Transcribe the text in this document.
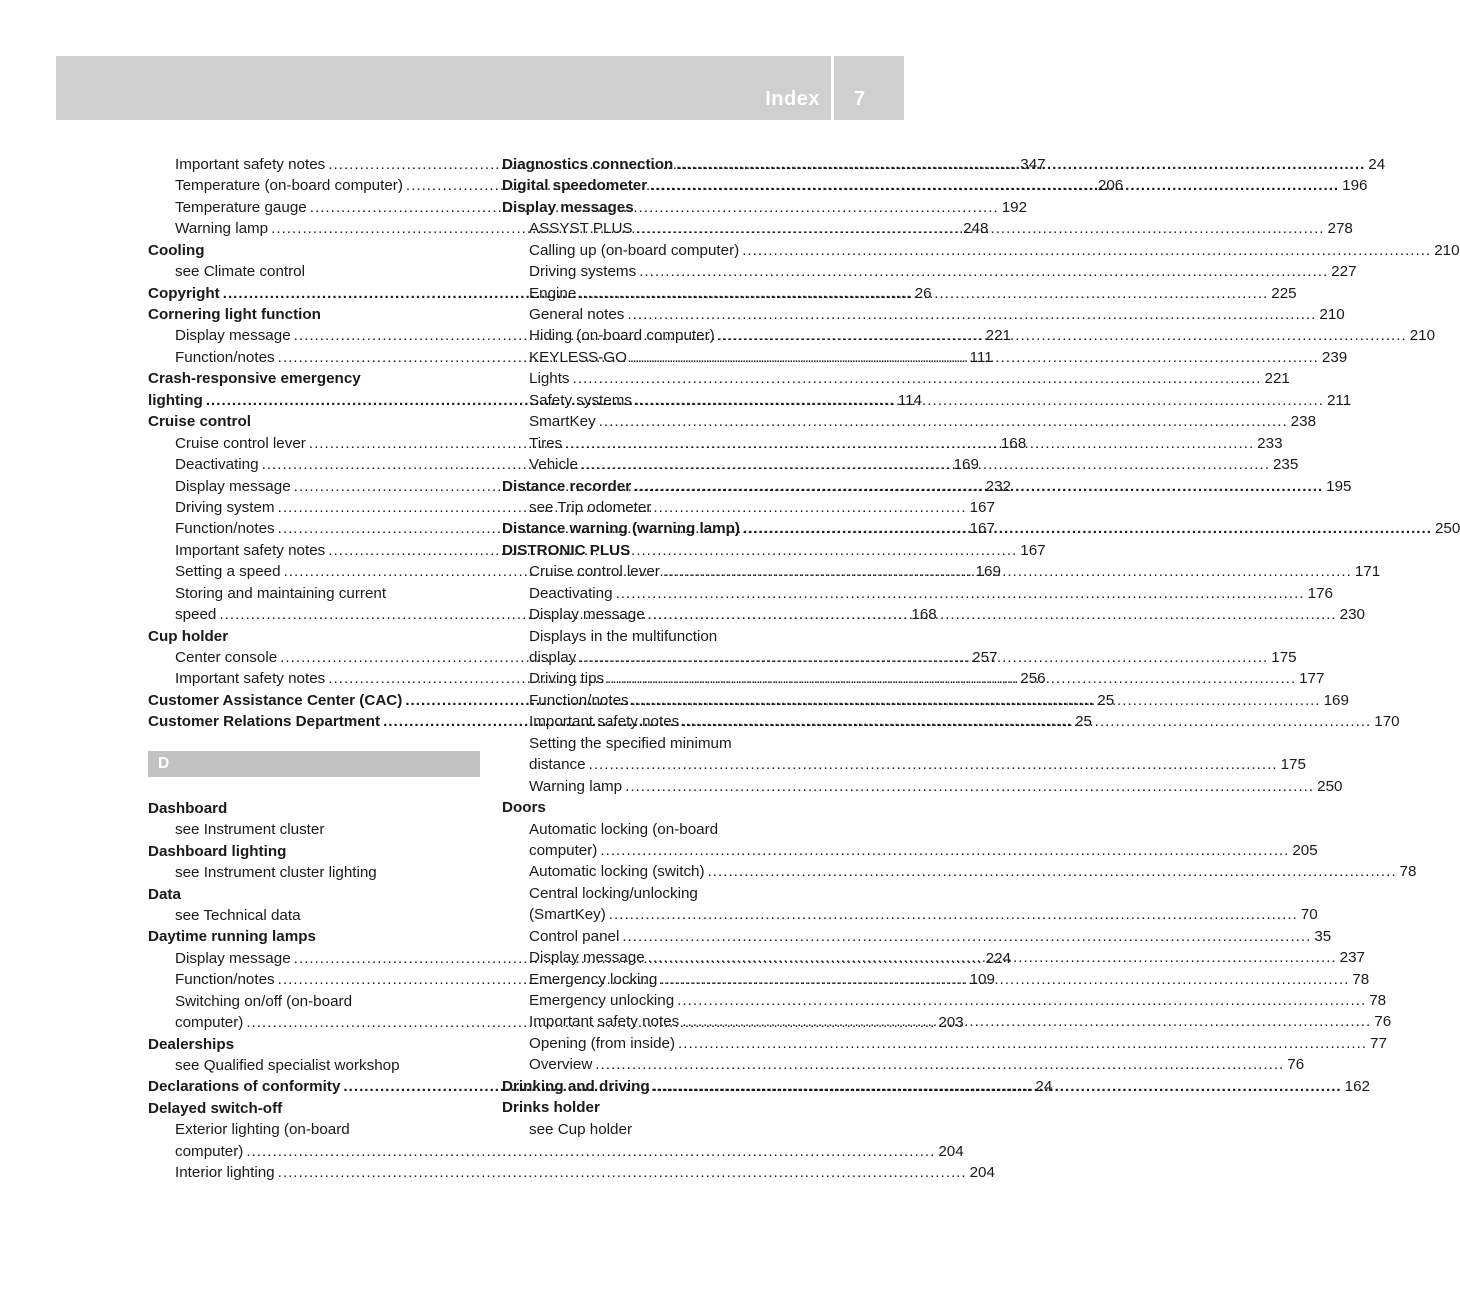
Index 7
Important safety notes .....	347
Temperature (on-board computer) .....	206
Temperature gauge .....	192
Warning lamp .....	248
Cooling
see Climate control
Copyright .....	26
Cornering light function
Display message .....	221
Function/notes .....	111
Crash-responsive emergency
lighting .....	114
Cruise control
Cruise control lever .....	168
Deactivating .....	169
Display message .....	232
Driving system .....	167
Function/notes .....	167
Important safety notes .....	167
Setting a speed .....	169
Storing and maintaining current
speed .....	168
Cup holder
Center console .....	257
Important safety notes .....	256
Customer Assistance Center (CAC) .....	25
Customer Relations Department .....	25
D
Dashboard
see Instrument cluster
Dashboard lighting
see Instrument cluster lighting
Data
see Technical data
Daytime running lamps
Display message .....	224
Function/notes .....	109
Switching on/off (on-board
computer) .....	203
Dealerships
see Qualified specialist workshop
Declarations of conformity .....	24
Delayed switch-off
Exterior lighting (on-board
computer) .....	204
Interior lighting .....	204
Diagnostics connection .....	24
Digital speedometer .....	196
Display messages
ASSYST PLUS .....	278
Calling up (on-board computer) .....	210
Driving systems .....	227
Engine .....	225
General notes .....	210
Hiding (on-board computer) .....	210
KEYLESS-GO .....	239
Lights .....	221
Safety systems .....	211
SmartKey .....	238
Tires .....	233
Vehicle .....	235
Distance recorder .....	195
see Trip odometer
Distance warning (warning lamp) .....	250
DISTRONIC PLUS
Cruise control lever .....	171
Deactivating .....	176
Display message .....	230
Displays in the multifunction
display .....	175
Driving tips .....	177
Function/notes .....	169
Important safety notes .....	170
Setting the specified minimum
distance .....	175
Warning lamp .....	250
Doors
Automatic locking (on-board
computer) .....	205
Automatic locking (switch) .....	78
Central locking/unlocking
(SmartKey) .....	70
Control panel .....	35
Display message .....	237
Emergency locking .....	78
Emergency unlocking .....	78
Important safety notes .....	76
Opening (from inside) .....	77
Overview .....	76
Drinking and driving .....	162
Drinks holder
see Cup holder
